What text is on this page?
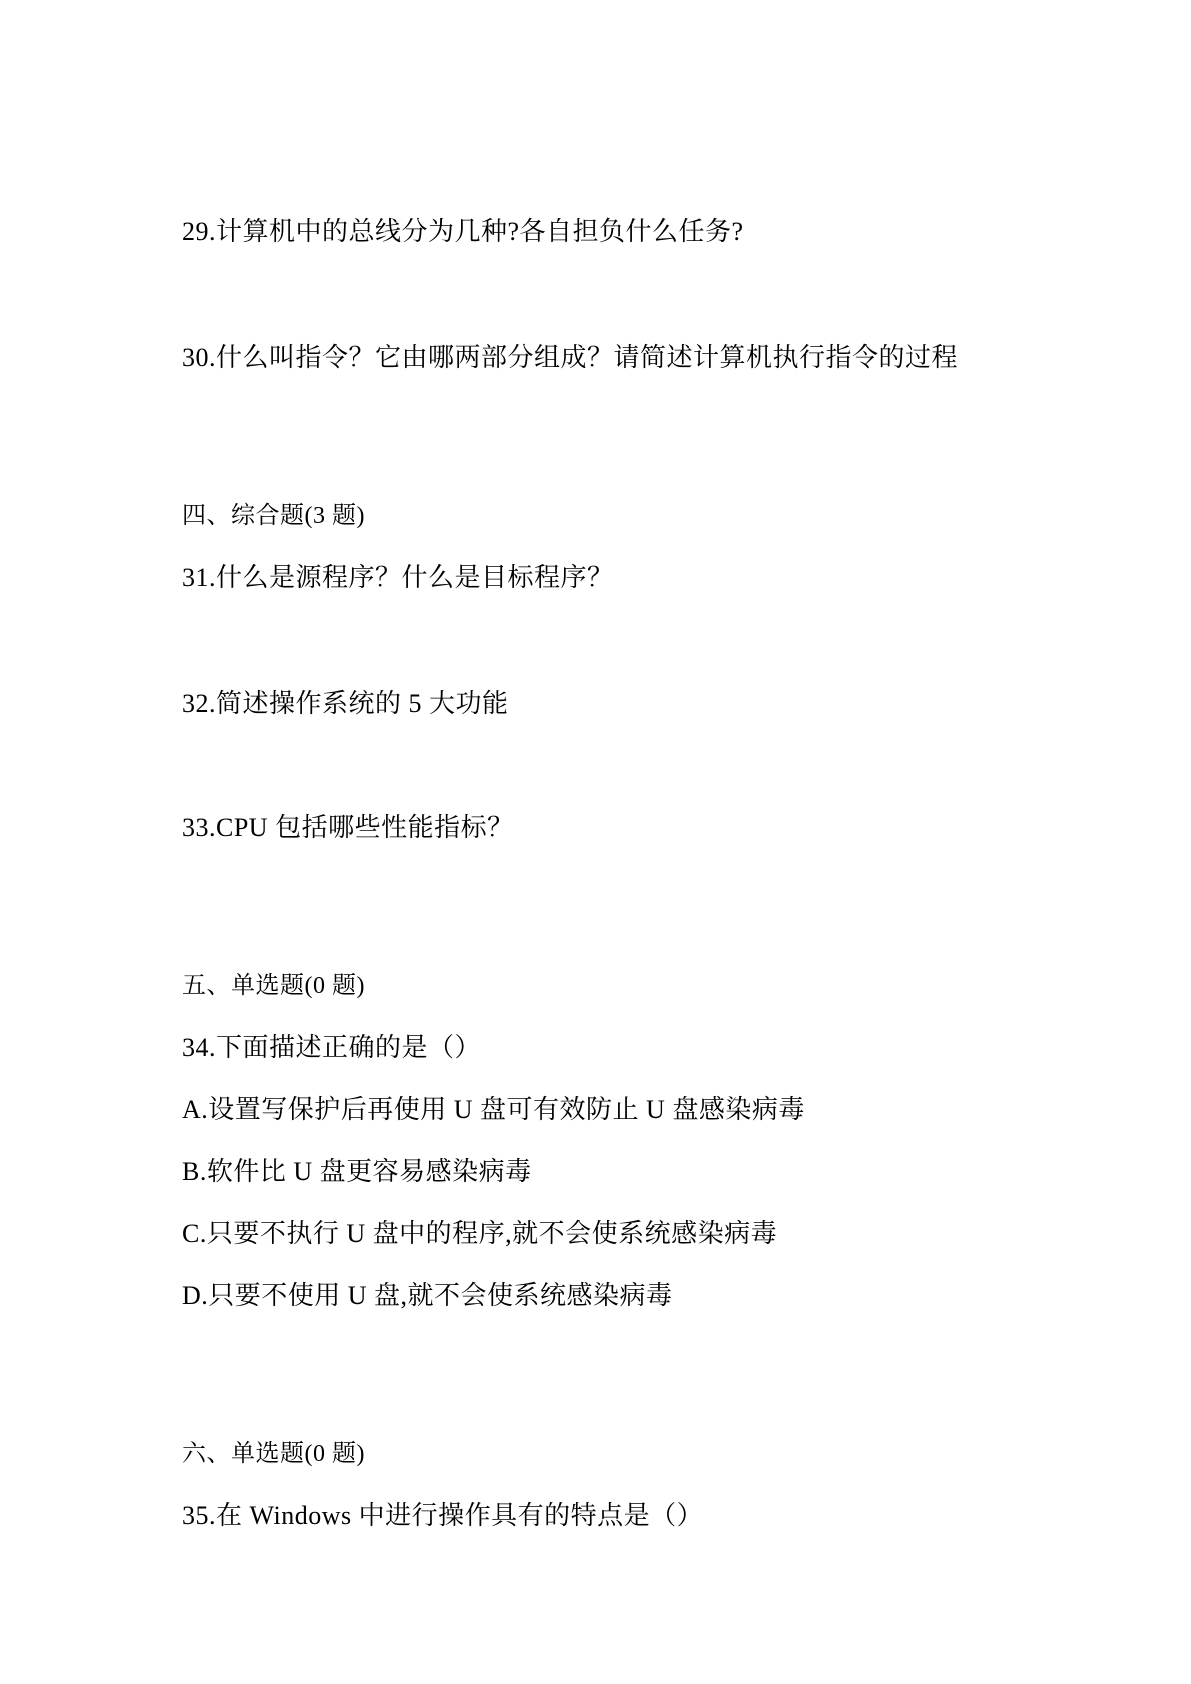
29.计算机中的总线分为几种?各自担负什么任务?
30.什么叫指令？它由哪两部分组成？请简述计算机执行指令的过程
四、综合题(3 题)
31.什么是源程序？什么是目标程序？
32.简述操作系统的 5 大功能
33.CPU 包括哪些性能指标？
五、单选题(0 题)
34.下面描述正确的是（）
A.设置写保护后再使用 U 盘可有效防止 U 盘感染病毒
B.软件比 U 盘更容易感染病毒
C.只要不执行 U 盘中的程序,就不会使系统感染病毒
D.只要不使用 U 盘,就不会使系统感染病毒
六、单选题(0 题)
35.在 Windows 中进行操作具有的特点是（）
